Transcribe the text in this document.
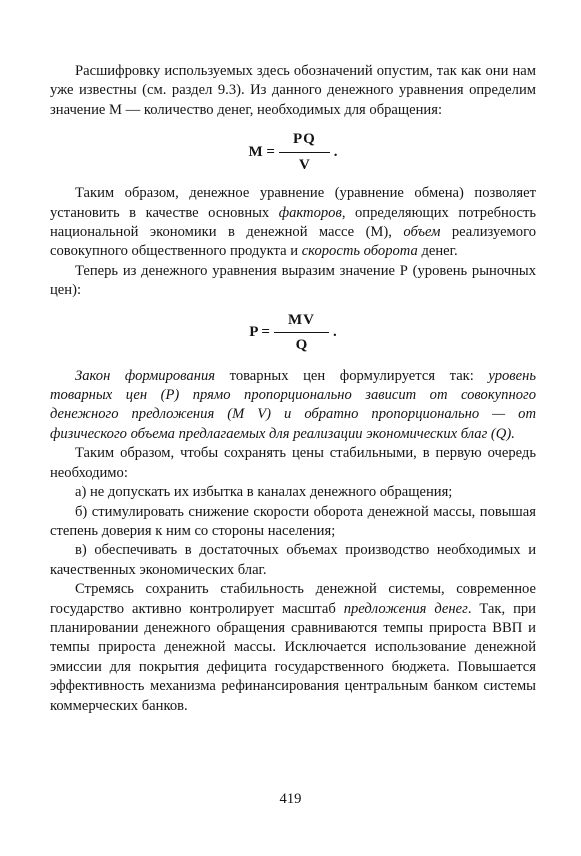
Расшифровку используемых здесь обозначений опустим, так как они нам уже известны (см. раздел 9.3). Из данного денежного уравнения определим значение М — количество денег, необходимых для обращения:

$M = \frac{PQ}{V}$ .

Таким образом, денежное уравнение (уравнение обмена) позволяет установить в качестве основных факторов, определяющих потребность национальной экономики в денежной массе (М), объем реализуемого совокупного общественного продукта и скорость оборота денег.

Теперь из денежного уравнения выразим значение Р (уровень рыночных цен):

$P = \frac{MV}{Q}$ .

Закон формирования товарных цен формулируется так: уровень товарных цен (Р) прямо пропорционально зависит от совокупного денежного предложения (М V) и обратно пропорционально — от физического объема предлагаемых для реализации экономических благ (Q).

Таким образом, чтобы сохранять цены стабильными, в первую очередь необходимо:

а) не допускать их избытка в каналах денежного обращения;

б) стимулировать снижение скорости оборота денежной массы, повышая степень доверия к ним со стороны населения;

в) обеспечивать в достаточных объемах производство необходимых и качественных экономических благ.

Стремясь сохранить стабильность денежной системы, современное государство активно контролирует масштаб предложения денег. Так, при планировании денежного обращения сравниваются темпы прироста ВВП и темпы прироста денежной массы. Исключается использование денежной эмиссии для покрытия дефицита государственного бюджета. Повышается эффективность механизма рефинансирования центральным банком системы коммерческих банков.

419
